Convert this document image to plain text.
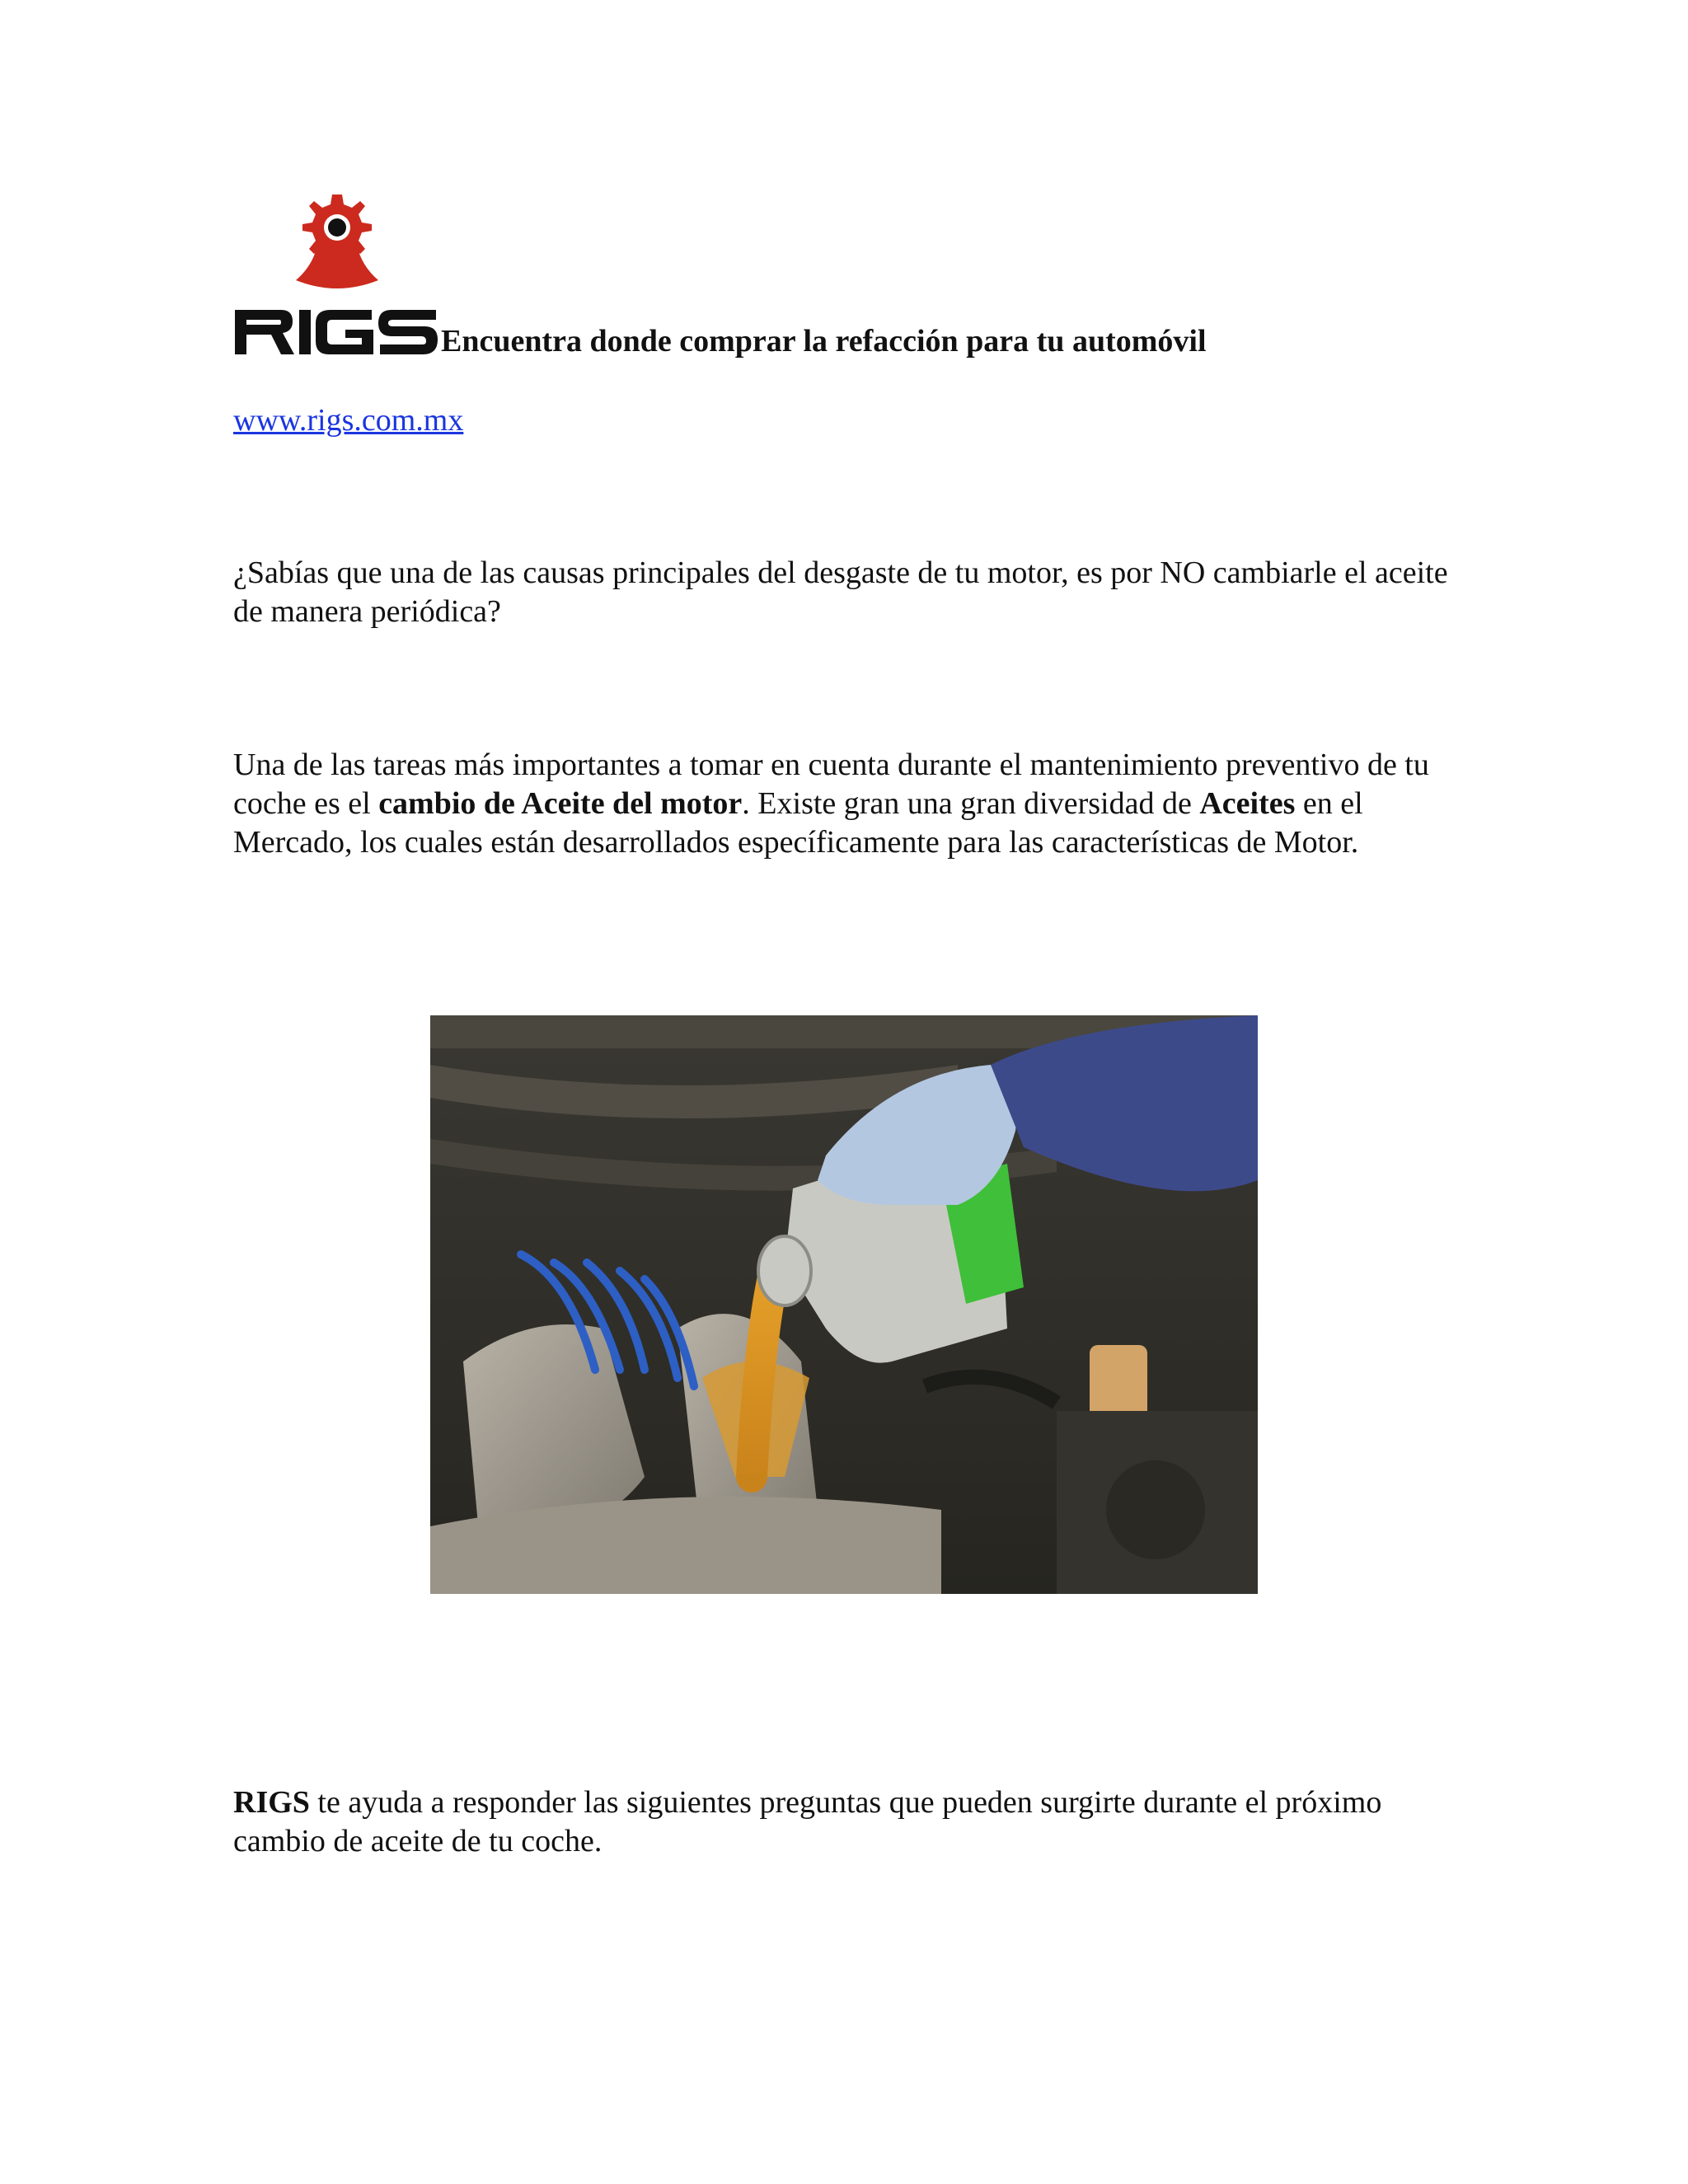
Encuentra donde comprar la refacción para tu automóvil
www.rigs.com.mx
¿Sabías que una de las causas principales del desgaste de tu motor, es por NO cambiarle el aceite de manera periódica?
Una de las tareas más importantes a tomar en cuenta durante el mantenimiento preventivo de tu coche es el cambio de Aceite del motor. Existe gran una gran diversidad de Aceites en el Mercado, los cuales están desarrollados específicamente para las características de Motor.
RIGS te ayuda a responder las siguientes preguntas que pueden surgirte durante el próximo cambio de aceite de tu coche.
